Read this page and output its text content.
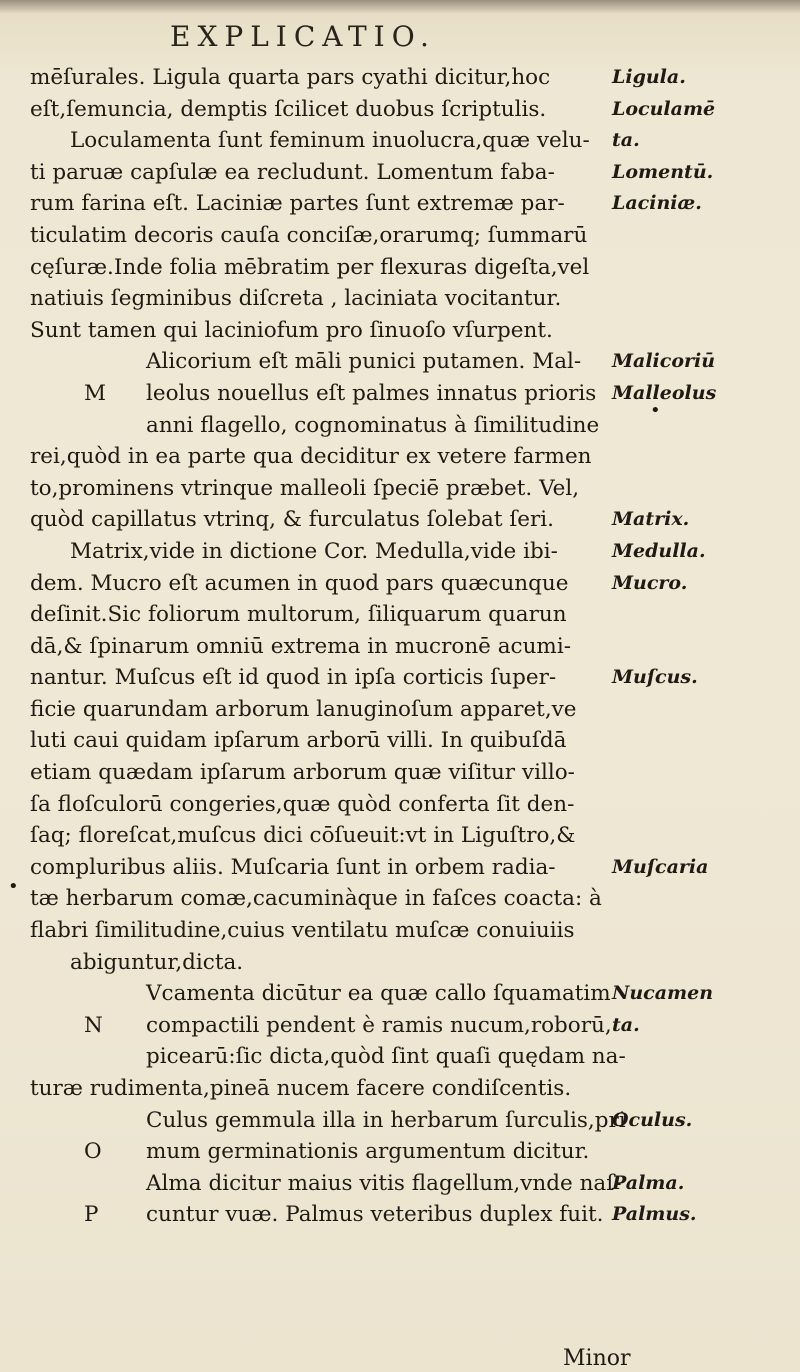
EXPLICATIO.
mēſurales. Ligula quarta pars cyathi dicitur,hoc
eſt,ſemuncia, demptis ſcilicet duobus ſcriptulis.
Loculamenta ſunt feminum inuolucra,quæ velu-
ti paruæ capſulæ ea recludunt. Lomentum faba-
rum farina eſt. Laciniæ partes ſunt extremæ par-
ticulatim decoris cauſa conciſæ,orarumq; ſummarū
cęſuræ.Inde folia mēbratim per flexuras digeſta,vel
natiuis ſegminibus diſcreta , laciniata vocitantur.
Sunt tamen qui laciniofum pro ſinuoſo vſurpent.
Alicorium eſt māli punici putamen. Mal-
M leolus nouellus eſt palmes innatus prioris
anni flagello, cognominatus à ſimilitudine
rei,quòd in ea parte qua deciditur ex vetere farmen
to,prominens vtrinque malleoli ſpeciē præbet. Vel,
quòd capillatus vtrinq, & furculatus ſolebat ſeri.
Matrix,vide in dictione Cor. Medulla,vide ibi-
dem. Mucro eſt acumen in quod pars quæcunque
deſinit.Sic foliorum multorum, ſiliquarum quarun
dā,& ſpinarum omniū extrema in mucronē acumi-
nantur. Muſcus eſt id quod in ipſa corticis ſuper-
ficie quarundam arborum lanuginoſum apparet,ve
luti caui quidam ipſarum arborū villi. In quibuſdā
etiam quædam ipſarum arborum quæ viſitur villo-
ſa floſculorū congeries,quæ quòd conferta ſit den-
ſaq; floreſcat,muſcus dici cōſueuit:vt in Liguſtro,&
compluribus aliis. Muſcaria ſunt in orbem radia-
tæ herbarum comæ,cacuminàque in faſces coacta: à
flabri ſimilitudine,cuius ventilatu muſcæ conuiuiis
abiguntur,dicta.
Vcamenta dicūtur ea quæ callo ſquamatim
N compactili pendent è ramis nucum,roborū,
picearū:ſic dicta,quòd ſint quaſi quędam na-
turæ rudimenta,pineā nucem facere condiſcentis.
Culus gemmula illa in herbarum ſurculis,pri
O mum germinationis argumentum dicitur.
Alma dicitur maius vitis flagellum,vnde naſ-
P cuntur vuæ. Palmus veteribus duplex fuit.
Ligula.
Loculamē
ta.
Lomentū.
Laciniæ.
Malicoriū
Malleolus
Matrix.
Medulla.
Mucro.
Muſcus.
Muſcaria
Nucamen
ta.
Oculus.
Palma.
Palmus.
•
•
Minor
